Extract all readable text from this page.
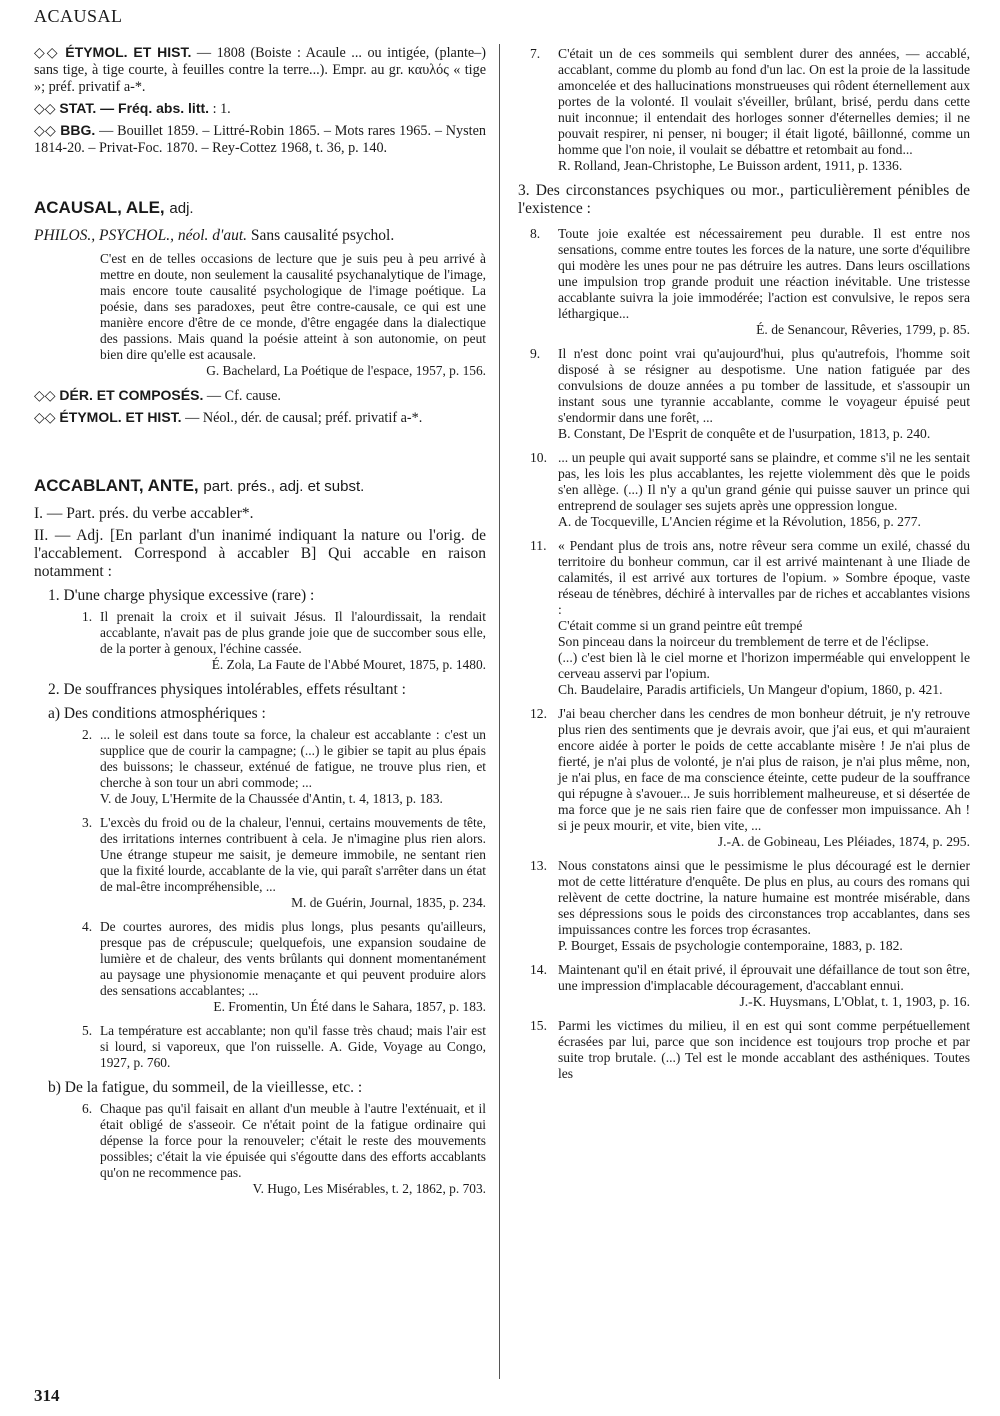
ACAUSAL

◇◇ ÉTYMOL. ET HIST. — 1808 (Boiste : Acaule ... ou intigée, (plante–) sans tige, à tige courte, à feuilles contre la terre...). Empr. au gr. καυλός « tige »; préf. privatif a-*.

◇◇ STAT. — Fréq. abs. litt. : 1.

◇◇ BBG. — Bouillet 1859. – Littré-Robin 1865. – Mots rares 1965. – Nysten 1814-20. – Privat-Foc. 1870. – Rey-Cottez 1968, t. 36, p. 140.

ACAUSAL, ALE, adj.

PHILOS., PSYCHOL., néol. d'aut. Sans causalité psychol.

C'est en de telles occasions de lecture que je suis peu à peu arrivé à mettre en doute, non seulement la causalité psychanalytique de l'image, mais encore toute causalité psychologique de l'image poétique. La poésie, dans ses paradoxes, peut être contre-causale, ce qui est une manière encore d'être de ce monde, d'être engagée dans la dialectique des passions. Mais quand la poésie atteint à son autonomie, on peut bien dire qu'elle est acausale.
G. Bachelard, La Poétique de l'espace, 1957, p. 156.

◇◇ DÉR. ET COMPOSÉS. — Cf. cause.

◇◇ ÉTYMOL. ET HIST. — Néol., dér. de causal; préf. privatif a-*.

ACCABLANT, ANTE, part. prés., adj. et subst.

I. — Part. prés. du verbe accabler*.

II. — Adj. [En parlant d'un inanimé indiquant la nature ou l'orig. de l'accablement. Correspond à accabler B] Qui accable en raison notamment :

1. D'une charge physique excessive (rare) :

1. Il prenait la croix et il suivait Jésus. Il l'alourdissait, la rendait accablante, n'avait pas de plus grande joie que de succomber sous elle, de la porter à genoux, l'échine cassée.
É. Zola, La Faute de l'Abbé Mouret, 1875, p. 1480.

2. De souffrances physiques intolérables, effets résultant :

a) Des conditions atmosphériques :

2. ... le soleil est dans toute sa force, la chaleur est accablante : c'est un supplice que de courir la campagne; (...) le gibier se tapit au plus épais des buissons; le chasseur, exténué de fatigue, ne trouve plus rien, et cherche à son tour un abri commode; ...
V. de Jouy, L'Hermite de la Chaussée d'Antin, t. 4, 1813, p. 183.
3. L'excès du froid ou de la chaleur, l'ennui, certains mouvements de tête, des irritations internes contribuent à cela. Je n'imagine plus rien alors. Une étrange stupeur me saisit, je demeure immobile, ne sentant rien que la fixité lourde, accablante de la vie, qui paraît s'arrêter dans un état de mal-être incompréhensible, ...
M. de Guérin, Journal, 1835, p. 234.
4. De courtes aurores, des midis plus longs, plus pesants qu'ailleurs, presque pas de crépuscule; quelquefois, une expansion soudaine de lumière et de chaleur, des vents brûlants qui donnent momentanément au paysage une physionomie menaçante et qui peuvent produire alors des sensations accablantes; ...
E. Fromentin, Un Été dans le Sahara, 1857, p. 183.
5. La température est accablante; non qu'il fasse très chaud; mais l'air est si lourd, si vaporeux, que l'on ruisselle. A. Gide, Voyage au Congo, 1927, p. 760.

b) De la fatigue, du sommeil, de la vieillesse, etc. :

6. Chaque pas qu'il faisait en allant d'un meuble à l'autre l'exténuait, et il était obligé de s'asseoir. Ce n'était point de la fatigue ordinaire qui dépense la force pour la renouveler; c'était le reste des mouvements possibles; c'était la vie épuisée qui s'égoutte dans des efforts accablants qu'on ne recommence pas.
V. Hugo, Les Misérables, t. 2, 1862, p. 703.
7. C'était un de ces sommeils qui semblent durer des années, — accablé, accablant, comme du plomb au fond d'un lac. On est la proie de la lassitude amoncelée et des hallucinations monstrueuses qui rôdent éternellement aux portes de la volonté. Il voulait s'éveiller, brûlant, brisé, perdu dans cette nuit inconnue; il entendait des horloges sonner d'éternelles demies; il ne pouvait respirer, ni penser, ni bouger; il était ligoté, bâillonné, comme un homme que l'on noie, il voulait se débattre et retombait au fond...
R. Rolland, Jean-Christophe, Le Buisson ardent, 1911, p. 1336.

3. Des circonstances psychiques ou mor., particulièrement pénibles de l'existence :

8. Toute joie exaltée est nécessairement peu durable. Il est entre nos sensations, comme entre toutes les forces de la nature, une sorte d'équilibre qui modère les unes pour ne pas détruire les autres. Dans leurs oscillations une impulsion trop grande produit une réaction inévitable. Une tristesse accablante suivra la joie immodérée; l'action est convulsive, le repos sera léthargique...
É. de Senancour, Rêveries, 1799, p. 85.
9. Il n'est donc point vrai qu'aujourd'hui, plus qu'autrefois, l'homme soit disposé à se résigner au despotisme. Une nation fatiguée par des convulsions de douze années a pu tomber de lassitude, et s'assoupir un instant sous une tyrannie accablante, comme le voyageur épuisé peut s'endormir dans une forêt, ...
B. Constant, De l'Esprit de conquête et de l'usurpation, 1813, p. 240.
10. ... un peuple qui avait supporté sans se plaindre, et comme s'il ne les sentait pas, les lois les plus accablantes, les rejette violemment dès que le poids s'en allège. (...) Il n'y a qu'un grand génie qui puisse sauver un prince qui entreprend de soulager ses sujets après une oppression longue.
A. de Tocqueville, L'Ancien régime et la Révolution, 1856, p. 277.
11. « Pendant plus de trois ans, notre rêveur sera comme un exilé, chassé du territoire du bonheur commun, car il est arrivé maintenant à une Iliade de calamités, il est arrivé aux tortures de l'opium. » Sombre époque, vaste réseau de ténèbres, déchiré à intervalles par de riches et accablantes visions :
C'était comme si un grand peintre eût trempé
Son pinceau dans la noirceur du tremblement de terre et de l'éclipse.
(...) c'est bien là le ciel morne et l'horizon imperméable qui enveloppent le cerveau asservi par l'opium.
Ch. Baudelaire, Paradis artificiels, Un Mangeur d'opium, 1860, p. 421.
12. J'ai beau chercher dans les cendres de mon bonheur détruit, je n'y retrouve plus rien des sentiments que je devrais avoir, que j'ai eus, et qui m'auraient encore aidée à porter le poids de cette accablante misère ! Je n'ai plus de fierté, je n'ai plus de volonté, je n'ai plus de raison, je n'ai plus même, non, je n'ai plus, en face de ma conscience éteinte, cette pudeur de la souffrance qui répugne à s'avouer... Je suis horriblement malheureuse, et si désertée de ma force que je ne sais rien faire que de confesser mon impuissance. Ah ! si je peux mourir, et vite, bien vite, ...
J.-A. de Gobineau, Les Pléiades, 1874, p. 295.
13. Nous constatons ainsi que le pessimisme le plus découragé est le dernier mot de cette littérature d'enquête. De plus en plus, au cours des romans qui relèvent de cette doctrine, la nature humaine est montrée misérable, dans ses dépressions sous le poids des circonstances trop accablantes, dans ses impuissances contre les forces trop écrasantes.
P. Bourget, Essais de psychologie contemporaine, 1883, p. 182.
14. Maintenant qu'il en était privé, il éprouvait une défaillance de tout son être, une impression d'implacable découragement, d'accablant ennui.
J.-K. Huysmans, L'Oblat, t. 1, 1903, p. 16.
15. Parmi les victimes du milieu, il en est qui sont comme perpétuellement écrasées par lui, parce que son incidence est toujours trop proche et par suite trop brutale. (...) Tel est le monde accablant des asthéniques. Toutes les
314
